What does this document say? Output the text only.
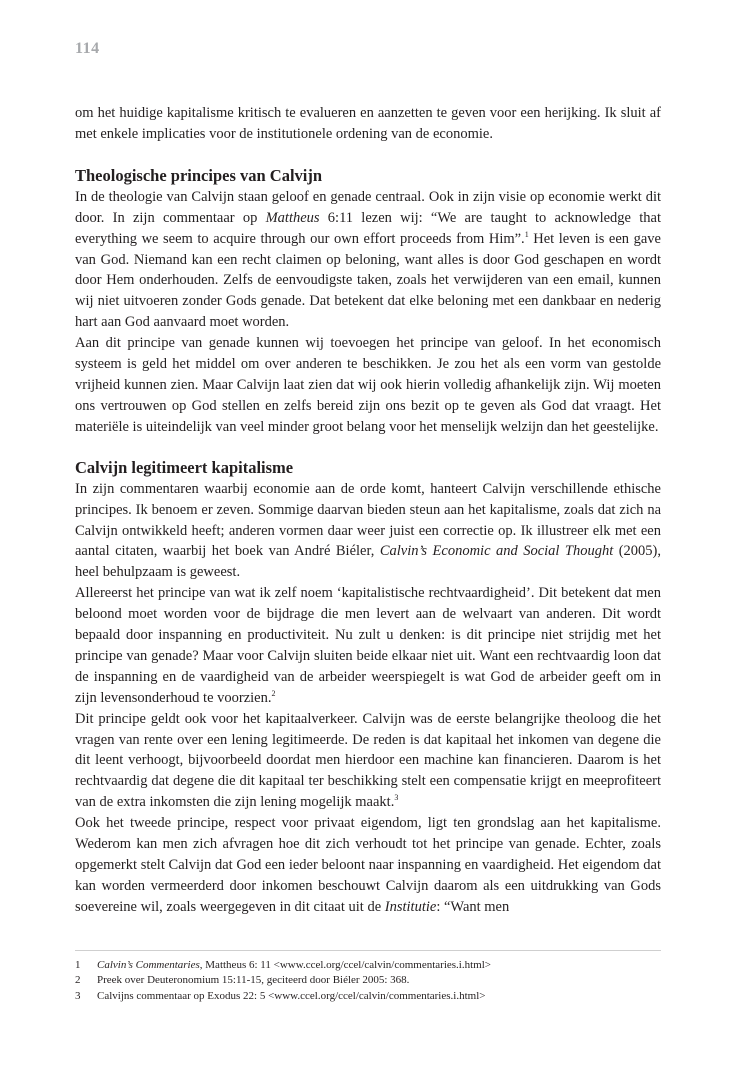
114

om het huidige kapitalisme kritisch te evalueren en aanzetten te geven voor een herijking. Ik sluit af met enkele implicaties voor de institutionele ordening van de economie.

Theologische principes van Calvijn

In de theologie van Calvijn staan geloof en genade centraal. Ook in zijn visie op economie werkt dit door. In zijn commentaar op Mattheus 6:11 lezen wij: “We are taught to acknowledge that everything we seem to acquire through our own effort proceeds from Him”.$^1$ Het leven is een gave van God. Niemand kan een recht claimen op beloning, want alles is door God geschapen en wordt door Hem onderhouden. Zelfs de eenvoudigste taken, zoals het verwijderen van een email, kunnen wij niet uitvoeren zonder Gods genade. Dat betekent dat elke beloning met een dankbaar en nederig hart aan God aanvaard moet worden.

Aan dit principe van genade kunnen wij toevoegen het principe van geloof. In het economisch systeem is geld het middel om over anderen te beschikken. Je zou het als een vorm van gestolde vrijheid kunnen zien. Maar Calvijn laat zien dat wij ook hierin volledig afhankelijk zijn. Wij moeten ons vertrouwen op God stellen en zelfs bereid zijn ons bezit op te geven als God dat vraagt. Het materiële is uiteindelijk van veel minder groot belang voor het menselijk welzijn dan het geestelijke.

Calvijn legitimeert kapitalisme

In zijn commentaren waarbij economie aan de orde komt, hanteert Calvijn verschillende ethische principes. Ik benoem er zeven. Sommige daarvan bieden steun aan het kapitalisme, zoals dat zich na Calvijn ontwikkeld heeft; anderen vormen daar weer juist een correctie op. Ik illustreer elk met een aantal citaten, waarbij het boek van André Biéler, Calvin’s Economic and Social Thought (2005), heel behulpzaam is geweest.

Allereerst het principe van wat ik zelf noem ‘kapitalistische rechtvaardigheid’. Dit betekent dat men beloond moet worden voor de bijdrage die men levert aan de welvaart van anderen. Dit wordt bepaald door inspanning en productiviteit. Nu zult u denken: is dit principe niet strijdig met het principe van genade? Maar voor Calvijn sluiten beide elkaar niet uit. Want een rechtvaardig loon dat de inspanning en de vaardigheid van de arbeider weerspiegelt is wat God de arbeider geeft om in zijn levensonderhoud te voorzien.$^2$

Dit principe geldt ook voor het kapitaalverkeer. Calvijn was de eerste belangrijke theoloog die het vragen van rente over een lening legitimeerde. De reden is dat kapitaal het inkomen van degene die dit leent verhoogt, bijvoorbeeld doordat men hierdoor een machine kan financieren. Daarom is het rechtvaardig dat degene die dit kapitaal ter beschikking stelt een compensatie krijgt en meeprofiteert van de extra inkomsten die zijn lening mogelijk maakt.$^3$

Ook het tweede principe, respect voor privaat eigendom, ligt ten grondslag aan het kapitalisme. Wederom kan men zich afvragen hoe dit zich verhoudt tot het principe van genade. Echter, zoals opgemerkt stelt Calvijn dat God een ieder beloont naar inspanning en vaardigheid. Het eigendom dat kan worden vermeerderd door inkomen beschouwt Calvijn daarom als een uitdrukking van Gods soevereine wil, zoals weergegeven in dit citaat uit de Institutie: “Want men

1	Calvin’s Commentaries, Mattheus 6: 11 <www.ccel.org/ccel/calvin/commentaries.i.html>
2	Preek over Deuteronomium 15:11-15, geciteerd door Biéler 2005: 368.
3	Calvijns commentaar op Exodus 22: 5 <www.ccel.org/ccel/calvin/commentaries.i.html>
